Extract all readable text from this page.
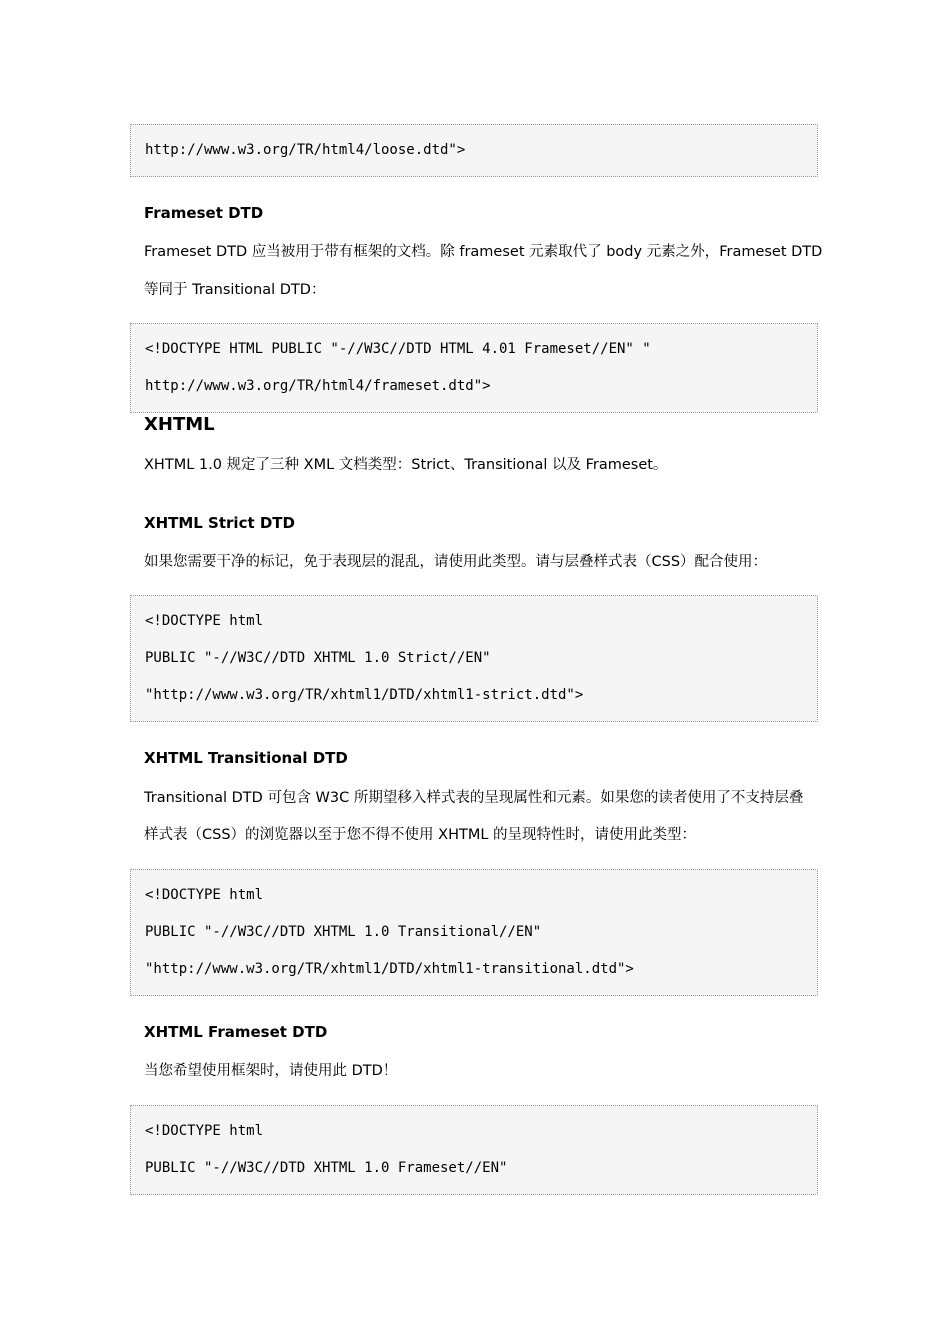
http://www.w3.org/TR/html4/loose.dtd">
Frameset DTD
Frameset DTD 应当被用于带有框架的文档。除 frameset 元素取代了 body 元素之外，Frameset DTD
等同于 Transitional DTD：
<!DOCTYPE HTML PUBLIC "-//W3C//DTD HTML 4.01 Frameset//EN" "
http://www.w3.org/TR/html4/frameset.dtd">
XHTML
XHTML 1.0 规定了三种 XML 文档类型：Strict、Transitional 以及 Frameset。
XHTML Strict DTD
如果您需要干净的标记，免于表现层的混乱，请使用此类型。请与层叠样式表（CSS）配合使用：
<!DOCTYPE html
PUBLIC "-//W3C//DTD XHTML 1.0 Strict//EN"
"http://www.w3.org/TR/xhtml1/DTD/xhtml1-strict.dtd">
XHTML Transitional DTD
Transitional DTD 可包含 W3C 所期望移入样式表的呈现属性和元素。如果您的读者使用了不支持层叠
样式表（CSS）的浏览器以至于您不得不使用 XHTML 的呈现特性时，请使用此类型：
<!DOCTYPE html
PUBLIC "-//W3C//DTD XHTML 1.0 Transitional//EN"
"http://www.w3.org/TR/xhtml1/DTD/xhtml1-transitional.dtd">
XHTML Frameset DTD
当您希望使用框架时，请使用此 DTD！
<!DOCTYPE html
PUBLIC "-//W3C//DTD XHTML 1.0 Frameset//EN"
